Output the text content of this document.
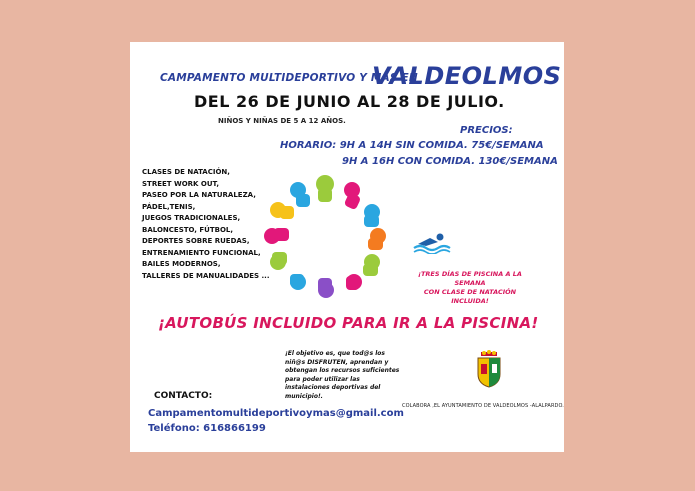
CAMPAMENTO MULTIDEPORTIVO Y MÁS EN
VALDEOLMOS
DEL 26 DE JUNIO AL 28 DE JULIO.
NIÑOS Y NIÑAS DE 5 A 12 AÑOS.
PRECIOS:
HORARIO: 9H A 14H SIN COMIDA. 75€/SEMANA
9H A 16H CON COMIDA. 130€/SEMANA
CLASES DE NATACIÓN,
STREET WORK OUT,
PASEO POR LA NATURALEZA,
PÁDEL,TENIS,
JUEGOS TRADICIONALES,
BALONCESTO, FÚTBOL,
DEPORTES SOBRE RUEDAS,
ENTRENAMIENTO FUNCIONAL,
BAILES MODERNOS,
TALLERES DE MANUALIDADES ...	¡TRES DÍAS DE PISCINA A LA SEMANA
CON CLASE DE NATACIÓN INCLUIDA!
¡AUTOBÚS INCLUIDO PARA IR A LA PISCINA!
¡El objetivo es, que tod@s los niñ@s DISFRUTEN, aprendan y obtengan los recursos suficientes para poder utilizar las instalaciones deportivas del municipio!.
COLABORA ,EL AYUNTAMIENTO DE VALDEOLMOS -ALALPARDO.
CONTACTO:
Campamentomultideportivoymas@gmail.com
Teléfono: 616866199
